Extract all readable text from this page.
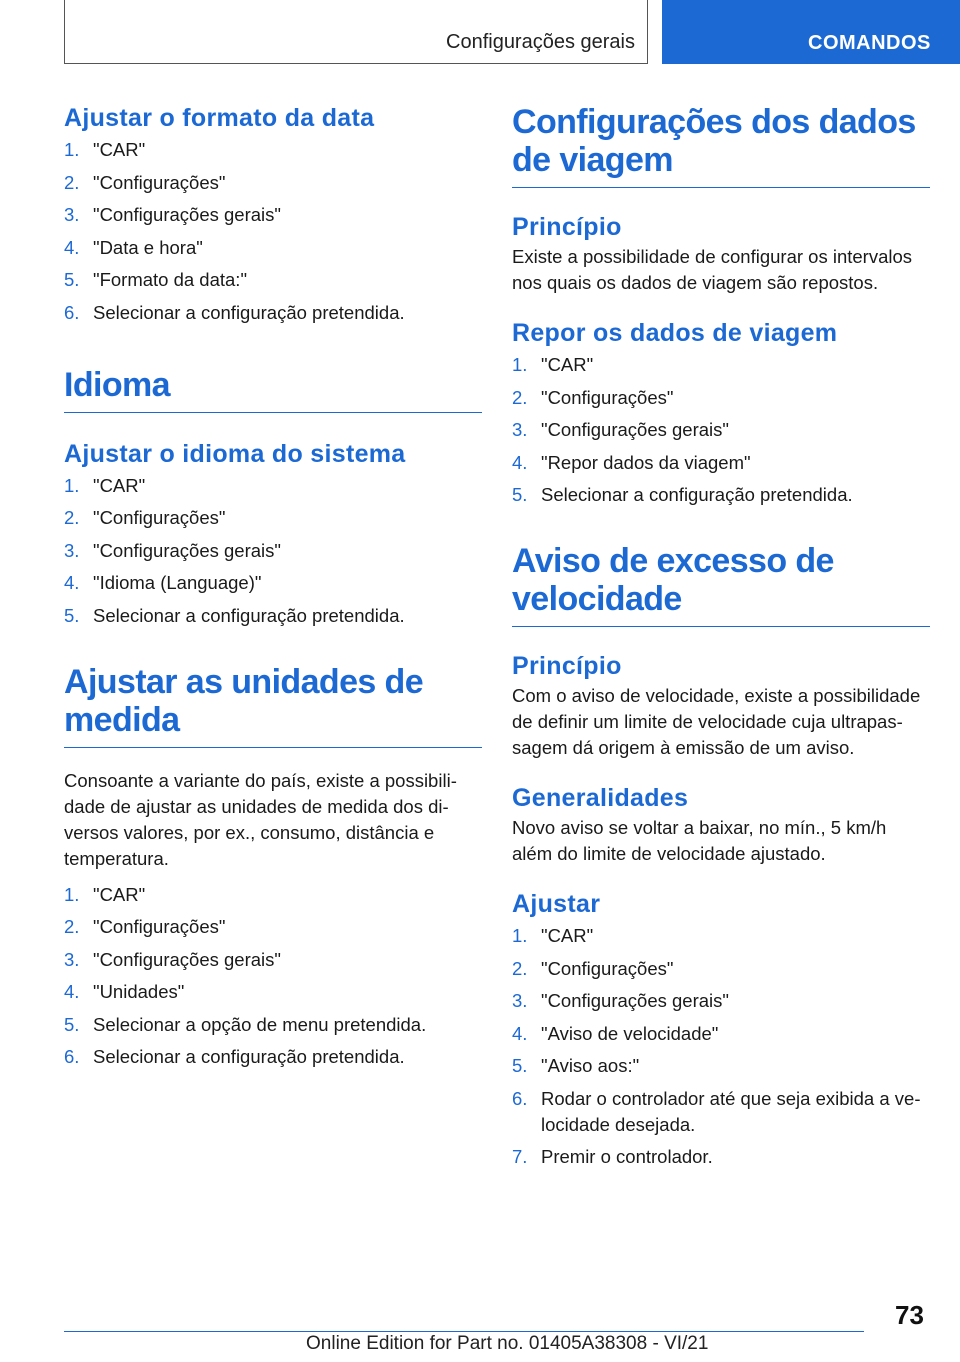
Configurações gerais	COMANDOS
Ajustar o formato da data
1. "CAR"
2. "Configurações"
3. "Configurações gerais"
4. "Data e hora"
5. "Formato da data:"
6. Selecionar a configuração pretendida.
Idioma
Ajustar o idioma do sistema
1. "CAR"
2. "Configurações"
3. "Configurações gerais"
4. "Idioma (Language)"
5. Selecionar a configuração pretendida.
Ajustar as unidades de medida

Consoante a variante do país, existe a possibilidade de ajustar as unidades de medida dos diversos valores, por ex., consumo, distância e temperatura.

1. "CAR"
2. "Configurações"
3. "Configurações gerais"
4. "Unidades"
5. Selecionar a opção de menu pretendida.
6. Selecionar a configuração pretendida.
Configurações dos dados de viagem
Princípio

Existe a possibilidade de configurar os intervalos nos quais os dados de viagem são repostos.

Repor os dados de viagem
1. "CAR"
2. "Configurações"
3. "Configurações gerais"
4. "Repor dados da viagem"
5. Selecionar a configuração pretendida.
Aviso de excesso de velocidade
Princípio

Com o aviso de velocidade, existe a possibilidade de definir um limite de velocidade cuja ultrapassagem dá origem à emissão de um aviso.

Generalidades

Novo aviso se voltar a baixar, no mín., 5 km/h além do limite de velocidade ajustado.

Ajustar
1. "CAR"
2. "Configurações"
3. "Configurações gerais"
4. "Aviso de velocidade"
5. "Aviso aos:"
6. Rodar o controlador até que seja exibida a velocidade desejada.
7. Premir o controlador.
73
Online Edition for Part no. 01405A38308 - VI/21
